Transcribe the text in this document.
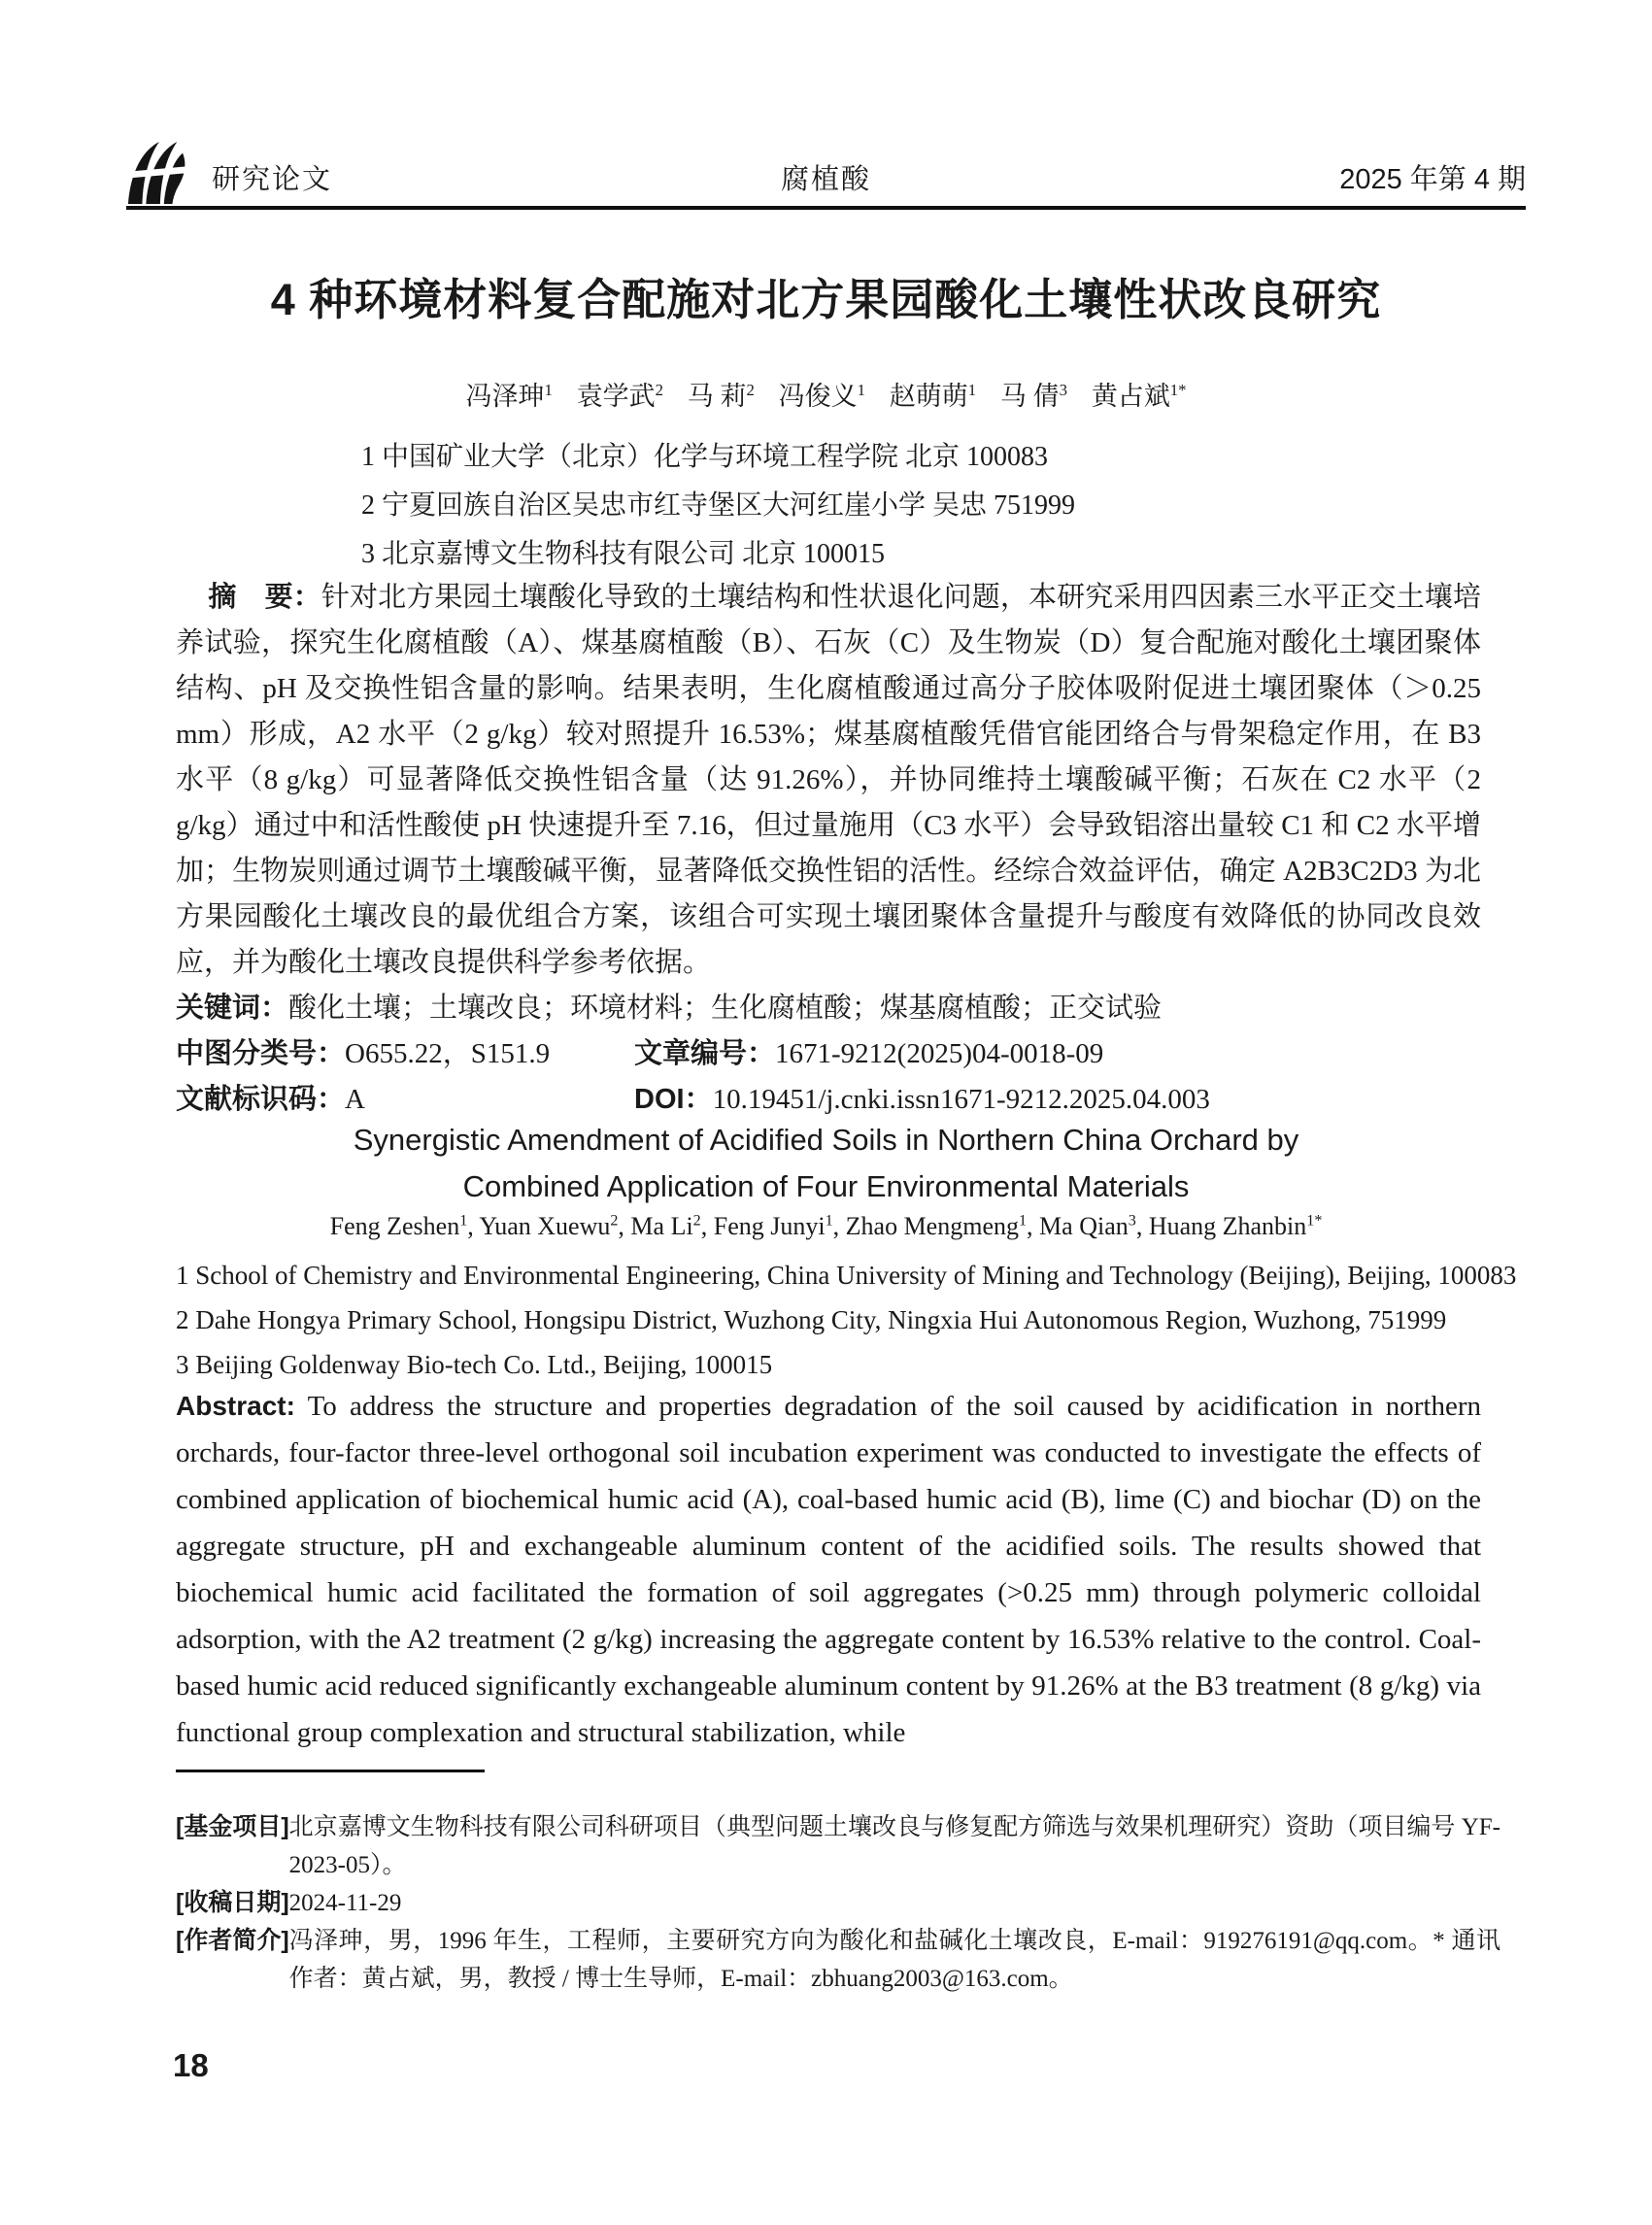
研究论文	腐植酸	2025 年第 4 期
4 种环境材料复合配施对北方果园酸化土壤性状改良研究
冯泽珅$^1$ 袁学武$^2$ 马 莉$^2$ 冯俊义$^1$ 赵萌萌$^1$ 马 倩$^3$ 黄占斌$^{1*}$
1 中国矿业大学（北京）化学与环境工程学院 北京 100083
2 宁夏回族自治区吴忠市红寺堡区大河红崖小学 吴忠 751999
3 北京嘉博文生物科技有限公司 北京 100015

摘　要：针对北方果园土壤酸化导致的土壤结构和性状退化问题，本研究采用四因素三水平正交土壤培养试验，探究生化腐植酸（A）、煤基腐植酸（B）、石灰（C）及生物炭（D）复合配施对酸化土壤团聚体结构、pH 及交换性铝含量的影响。结果表明，生化腐植酸通过高分子胶体吸附促进土壤团聚体（＞0.25 mm）形成，A2 水平（2 g/kg）较对照提升 16.53%；煤基腐植酸凭借官能团络合与骨架稳定作用，在 B3 水平（8 g/kg）可显著降低交换性铝含量（达 91.26%），并协同维持土壤酸碱平衡；石灰在 C2 水平（2 g/kg）通过中和活性酸使 pH 快速提升至 7.16，但过量施用（C3 水平）会导致铝溶出量较 C1 和 C2 水平增加；生物炭则通过调节土壤酸碱平衡，显著降低交换性铝的活性。经综合效益评估，确定 A2B3C2D3 为北方果园酸化土壤改良的最优组合方案，该组合可实现土壤团聚体含量提升与酸度有效降低的协同改良效应，并为酸化土壤改良提供科学参考依据。

关键词：酸化土壤；土壤改良；环境材料；生化腐植酸；煤基腐植酸；正交试验

中图分类号：O655.22，S151.9	文章编号：1671-9212(2025)04-0018-09
文献标识码：A	DOI：10.19451/j.cnki.issn1671-9212.2025.04.003
Synergistic Amendment of Acidified Soils in Northern China Orchard by
Combined Application of Four Environmental Materials
Feng Zeshen$^1$, Yuan Xuewu$^2$, Ma Li$^2$, Feng Junyi$^1$, Zhao Mengmeng$^1$, Ma Qian$^3$, Huang Zhanbin$^{1*}$
1 School of Chemistry and Environmental Engineering, China University of Mining and Technology (Beijing), Beijing, 100083
2 Dahe Hongya Primary School, Hongsipu District, Wuzhong City, Ningxia Hui Autonomous Region, Wuzhong, 751999
3 Beijing Goldenway Bio-tech Co. Ltd., Beijing, 100015

Abstract: To address the structure and properties degradation of the soil caused by acidification in northern orchards, four-factor three-level orthogonal soil incubation experiment was conducted to investigate the effects of combined application of biochemical humic acid (A), coal-based humic acid (B), lime (C) and biochar (D) on the aggregate structure, pH and exchangeable aluminum content of the acidified soils. The results showed that biochemical humic acid facilitated the formation of soil aggregates (>0.25 mm) through polymeric colloidal adsorption, with the A2 treatment (2 g/kg) increasing the aggregate content by 16.53% relative to the control. Coal-based humic acid reduced significantly exchangeable aluminum content by 91.26% at the B3 treatment (8 g/kg) via functional group complexation and structural stabilization, while

[基金项目] 北京嘉博文生物科技有限公司科研项目（典型问题土壤改良与修复配方筛选与效果机理研究）资助（项目编号 YF-2023-05）。
[收稿日期] 2024-11-29
[作者简介] 冯泽珅，男，1996 年生，工程师，主要研究方向为酸化和盐碱化土壤改良，E-mail：919276191@qq.com。* 通讯作者：黄占斌，男，教授 / 博士生导师，E-mail：zbhuang2003@163.com。
18
